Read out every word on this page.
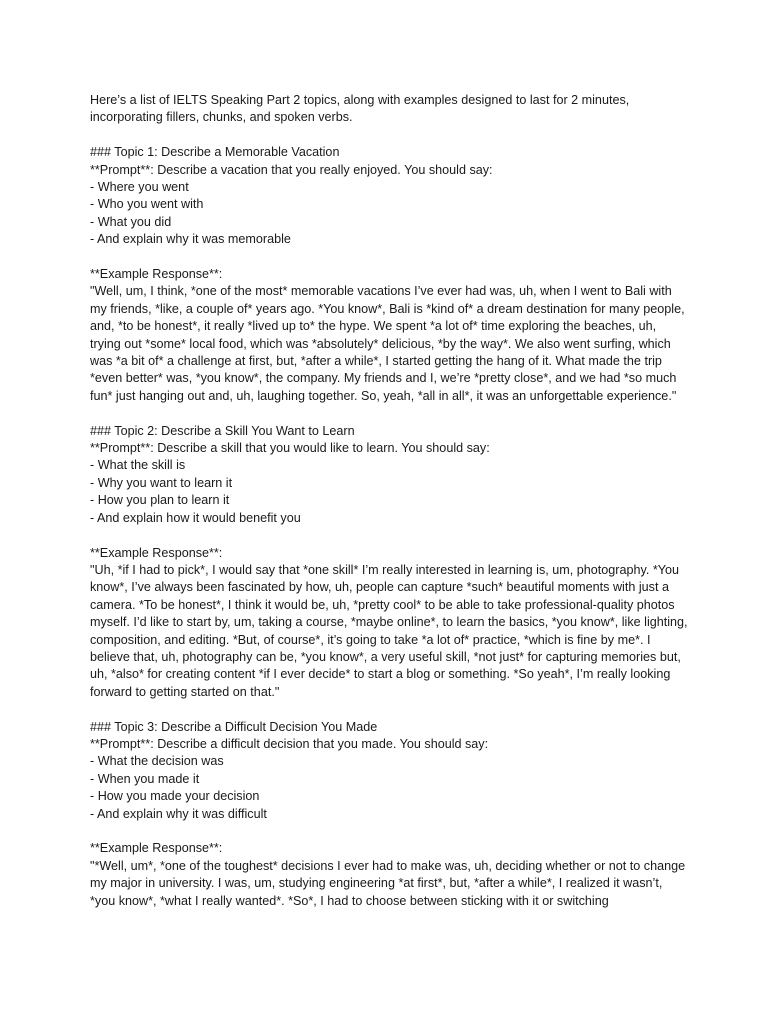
Here’s a list of IELTS Speaking Part 2 topics, along with examples designed to last for 2 minutes, incorporating fillers, chunks, and spoken verbs.

### Topic 1: Describe a Memorable Vacation
**Prompt**: Describe a vacation that you really enjoyed. You should say:
- Where you went
- Who you went with
- What you did
- And explain why it was memorable
**Example Response**:
"Well, um, I think, *one of the most* memorable vacations I’ve ever had was, uh, when I went to Bali with my friends, *like, a couple of* years ago. *You know*, Bali is *kind of* a dream destination for many people, and, *to be honest*, it really *lived up to* the hype. We spent *a lot of* time exploring the beaches, uh, trying out *some* local food, which was *absolutely* delicious, *by the way*. We also went surfing, which was *a bit of* a challenge at first, but, *after a while*, I started getting the hang of it. What made the trip *even better* was, *you know*, the company. My friends and I, we’re *pretty close*, and we had *so much fun* just hanging out and, uh, laughing together. So, yeah, *all in all*, it was an unforgettable experience."
### Topic 2: Describe a Skill You Want to Learn
**Prompt**: Describe a skill that you would like to learn. You should say:
- What the skill is
- Why you want to learn it
- How you plan to learn it
- And explain how it would benefit you
**Example Response**:
"Uh, *if I had to pick*, I would say that *one skill* I’m really interested in learning is, um, photography. *You know*, I’ve always been fascinated by how, uh, people can capture *such* beautiful moments with just a camera. *To be honest*, I think it would be, uh, *pretty cool* to be able to take professional-quality photos myself. I’d like to start by, um, taking a course, *maybe online*, to learn the basics, *you know*, like lighting, composition, and editing. *But, of course*, it’s going to take *a lot of* practice, *which is fine by me*. I believe that, uh, photography can be, *you know*, a very useful skill, *not just* for capturing memories but, uh, *also* for creating content *if I ever decide* to start a blog or something. *So yeah*, I’m really looking forward to getting started on that."
### Topic 3: Describe a Difficult Decision You Made
**Prompt**: Describe a difficult decision that you made. You should say:
- What the decision was
- When you made it
- How you made your decision
- And explain why it was difficult
**Example Response**:
"*Well, um*, *one of the toughest* decisions I ever had to make was, uh, deciding whether or not to change my major in university. I was, um, studying engineering *at first*, but, *after a while*, I realized it wasn’t, *you know*, *what I really wanted*. *So*, I had to choose between sticking with it or switching
